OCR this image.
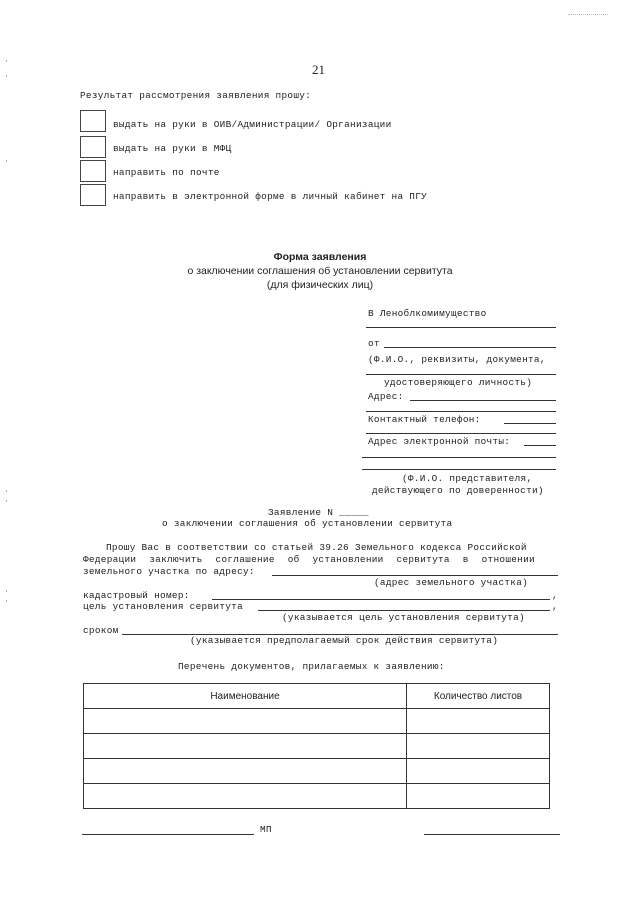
21
Результат рассмотрения заявления прошу:
выдать на руки в ОИВ/Администрации/ Организации
выдать на руки в МФЦ
направить по почте
направить в электронной форме в личный кабинет на ПГУ
Форма заявления
о заключении соглашения об установлении сервитута
(для физических лиц)
В Леноблкомимущество
от
(Ф.И.О., реквизиты, документа,
удостоверяющего личность)
Адрес:
Контактный телефон:
Адрес электронной почты:
(Ф.И.О. представителя,
действующего по доверенности)
Заявление N _____
о заключении соглашения об установлении сервитута
Прошу Вас в соответствии со статьей 39.26 Земельного кодекса Российской
Федерации заключить соглашение об установлении сервитута в отношении
земельного участка по адресу:
(адрес земельного участка)
кадастровый номер:	,
цель установления сервитута	,
(указывается цель установления сервитута)
сроком
(указывается предполагаемый срок действия сервитута)
Перечень документов, прилагаемых к заявлению:
Наименование	Количество листов

МП
